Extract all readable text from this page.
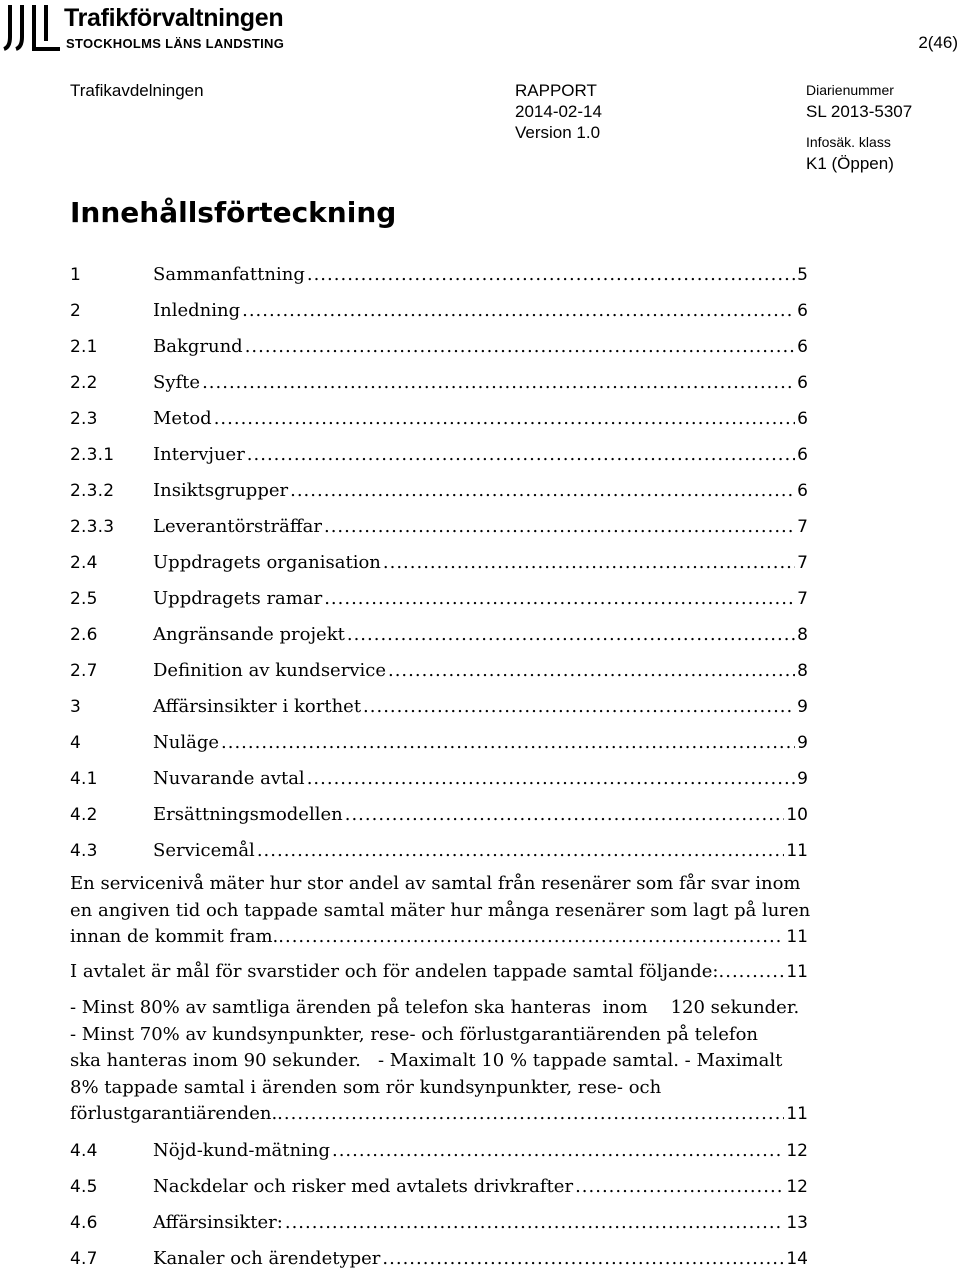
Trafikförvaltningen
STOCKHOLMS LÄNS LANDSTING	2(46)
Trafikavdelningen	RAPPORT
2014-02-14
Version 1.0
Diarienummer
SL 2013-5307
Infosäk. klass
K1 (Öppen)
Innehållsförteckning
1	Sammanfattning .....	5
2	Inledning .....	6
2.1	Bakgrund .....	6
2.2	Syfte .....	6
2.3	Metod .....	6
2.3.1	Intervjuer .....	6
2.3.2	Insiktsgrupper .....	6
2.3.3	Leverantörsträffar .....	7
2.4	Uppdragets organisation .....	7
2.5	Uppdragets ramar .....	7
2.6	Angränsande projekt .....	8
2.7	Definition av kundservice .....	8
3	Affärsinsikter i korthet .....	9
4	Nuläge .....	9
4.1	Nuvarande avtal .....	9
4.2	Ersättningsmodellen .....	10
4.3	Servicemål .....	11
En servicenivå mäter hur stor andel av samtal från resenärer som får svar inom
en angiven tid och tappade samtal mäter hur många resenärer som lagt på luren
innan de kommit fram. .....	11
I avtalet är mål för svarstider och för andelen tappade samtal följande: .....	11
- Minst 80% av samtliga ärenden på telefon ska hanteras  inom    120 sekunder.
- Minst 70% av kundsynpunkter, rese- och förlustgarantiärenden på telefon
ska hanteras inom 90 sekunder.   - Maximalt 10 % tappade samtal. - Maximalt
8% tappade samtal i ärenden som rör kundsynpunkter, rese- och
förlustgarantiärenden. .....	11
4.4	Nöjd-kund-mätning .....	12
4.5	Nackdelar och risker med avtalets drivkrafter .....	12
4.6	Affärsinsikter: .....	13
4.7	Kanaler och ärendetyper .....	14
